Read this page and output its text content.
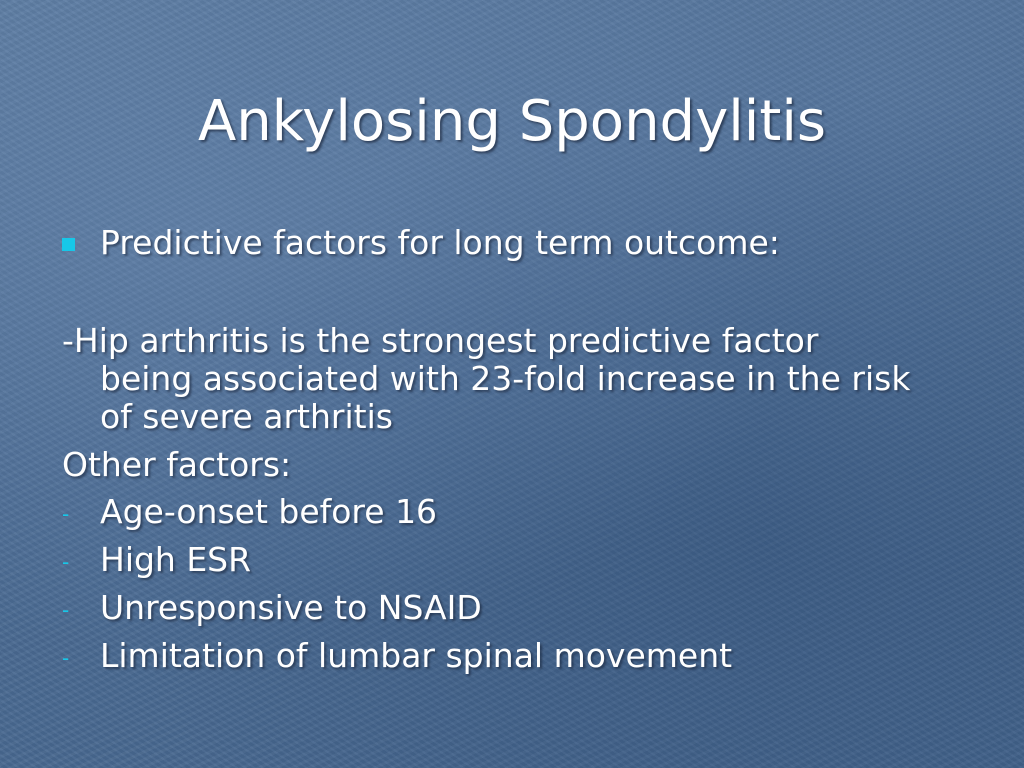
Ankylosing Spondylitis
Predictive factors for long term outcome:
-Hip arthritis is the strongest predictive factor
being associated with 23-fold increase in the risk
of severe arthritis
Other factors:
- Age-onset before 16
- High ESR
- Unresponsive to NSAID
- Limitation of lumbar spinal movement
